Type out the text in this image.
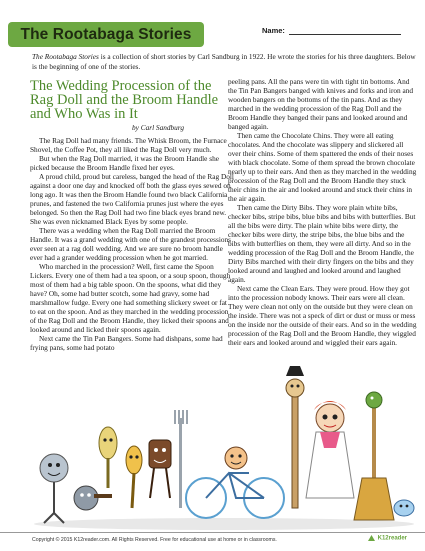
The Rootabaga Stories	Name:

The Rootabaga Stories is a collection of short stories by Carl Sandburg in 1922. He wrote the stories for his three daughters. Below is the beginning of one of the stories.

The Wedding Procession of the Rag Doll and the Broom Handle and Who Was in It
by Carl Sandburg

The Rag Doll had many friends. The Whisk Broom, the Furnace Shovel, the Coffee Pot, they all liked the Rag Doll very much.

But when the Rag Doll married, it was the Broom Handle she picked because the Broom Handle fixed her eyes.

A proud child, proud but careless, banged the head of the Rag Doll against a door one day and knocked off both the glass eyes sewed on long ago. It was then the Broom Handle found two black California prunes, and fastened the two California prunes just where the eyes belonged. So then the Rag Doll had two fine black eyes brand new. She was even nicknamed Black Eyes by some people.

There was a wedding when the Rag Doll married the Broom Handle. It was a grand wedding with one of the grandest processions ever seen at a rag doll wedding. And we are sure no broom handle ever had a grander wedding procession when he got married.

Who marched in the procession? Well, first came the Spoon Lickers. Every one of them had a tea spoon, or a soup spoon, though most of them had a big table spoon. On the spoons, what did they have? Oh, some had butter scotch, some had gravy, some had marshmallow fudge. Every one had something slickery sweet or fat to eat on the spoon. And as they marched in the wedding procession of the Rag Doll and the Broom Handle, they licked their spoons and looked around and licked their spoons again.

Next came the Tin Pan Bangers. Some had dishpans, some had frying pans, some had potato

peeling pans. All the pans were tin with tight tin bottoms. And the Tin Pan Bangers banged with knives and forks and iron and wooden bangers on the bottoms of the tin pans. And as they marched in the wedding procession of the Rag Doll and the Broom Handle they banged their pans and looked around and banged again.

Then came the Chocolate Chins. They were all eating chocolates. And the chocolate was slippery and slickered all over their chins. Some of them spattered the ends of their noses with black chocolate. Some of them spread the brown chocolate nearly up to their ears. And then as they marched in the wedding procession of the Rag Doll and the Broom Handle they stuck their chins in the air and looked around and stuck their chins in the air again.

Then came the Dirty Bibs. They wore plain white bibs, checker bibs, stripe bibs, blue bibs and bibs with butterflies. But all the bibs were dirty. The plain white bibs were dirty, the checker bibs were dirty, the stripe bibs, the blue bibs and the bibs with butterflies on them, they were all dirty. And so in the wedding procession of the Rag Doll and the Broom Handle, the Dirty Bibs marched with their dirty fingers on the bibs and they looked around and laughed and looked around and laughed again.

Next came the Clean Ears. They were proud. How they got into the procession nobody knows. Their ears were all clean. They were clean not only on the outside but they were clean on the inside. There was not a speck of dirt or dust or muss or mess on the inside nor the outside of their ears. And so in the wedding procession of the Rag Doll and the Broom Handle, they wiggled their ears and looked around and wiggled their ears again.

Copyright © 2015 K12reader.com. All Rights Reserved. Free for educational use at home or in classrooms.	K12reader
